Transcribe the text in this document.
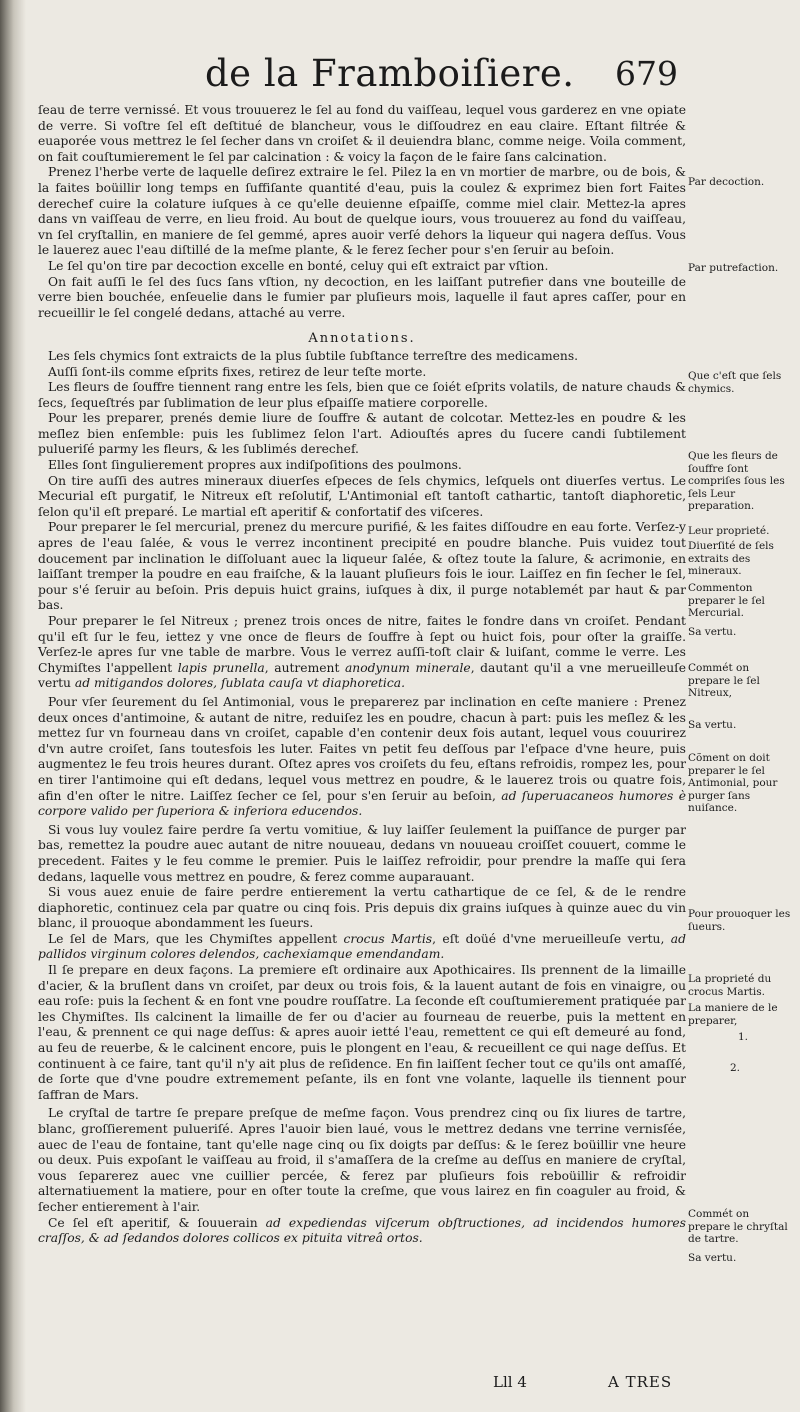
de la Framboiſiere. 679

ſeau de terre vernissé. Et vous trouuerez le ſel au fond du vaiſſeau, lequel vous garderez en vne opiate de verre. Si voſtre ſel eſt deſtitué de blancheur, vous le diſſoudrez en eau claire. Eſtant filtrée & euaporée vous mettrez le ſel ſecher dans vn croiſet & il deuiendra blanc, comme neige. Voila comment, on fait couſtumierement le ſel par calcination : & voicy la façon de le faire ſans calcination.

Prenez l'herbe verte de laquelle deſirez extraire le ſel. Pilez la en vn mortier de marbre, ou de bois, & la faites boüillir long temps en ſuffiſante quantité d'eau, puis la coulez & exprimez bien fort Faites derechef cuire la colature iuſques à ce qu'elle deuienne eſpaiſſe, comme miel clair. Mettez-la apres dans vn vaiſſeau de verre, en lieu froid. Au bout de quelque iours, vous trouuerez au fond du vaiſſeau, vn ſel cryſtallin, en maniere de ſel gemmé, apres auoir verſé dehors la liqueur qui nagera deſſus. Vous le lauerez auec l'eau diſtillé de la meſme plante, & le ferez ſecher pour s'en ſeruir au beſoin.

Le ſel qu'on tire par decoction excelle en bonté, celuy qui eſt extraict par vſtion.

On fait auſſi le ſel des ſucs ſans vſtion, ny decoction, en les laiſſant putrefier dans vne bouteille de verre bien bouchée, enſeuelie dans le fumier par pluſieurs mois, laquelle il faut apres caſſer, pour en recueillir le ſel congelé dedans, attaché au verre.

Annotations.

Les ſels chymics ſont extraicts de la plus ſubtile ſubſtance terreſtre des medicamens.

Auſſi ſont-ils comme eſprits fixes, retirez de leur teſte morte.

Les fleurs de ſouffre tiennent rang entre les ſels, bien que ce ſoiét eſprits volatils, de nature chauds & ſecs, ſequeſtrés par ſublimation de leur plus eſpaiſſe matiere corporelle.

Pour les preparer, prenés demie liure de ſouffre & autant de colcotar. Mettez-les en poudre & les meſlez bien enſemble: puis les ſublimez ſelon l'art. Adiouſtés apres du ſucere candi ſubtilement pulueriſé parmy les fleurs, & les ſublimés derechef.

Elles ſont ſingulierement propres aux indiſpoſitions des poulmons.

On tire auſſi des autres mineraux diuerſes eſpeces de ſels chymics, leſquels ont diuerſes vertus. Le Mecurial eſt purgatif, le Nitreux eſt reſolutif, L'Antimonial eſt tantoſt cathartic, tantoſt diaphoretic, ſelon qu'il eſt preparé. Le martial eſt aperitif & confortatif des viſceres.

Pour preparer le ſel mercurial, prenez du mercure purifié, & les faites diſſoudre en eau forte. Verſez-y apres de l'eau ſalée, & vous le verrez incontinent precipité en poudre blanche. Puis vuidez tout doucement par inclination le diſſoluant auec la liqueur ſalée, & oſtez toute la ſalure, & acrimonie, en laiſſant tremper la poudre en eau fraiſche, & la lauant pluſieurs fois le iour. Laiſſez en fin ſecher le ſel, pour s'é ſeruir au beſoin. Pris depuis huict grains, iuſques à dix, il purge notablemét par haut & par bas.

Pour preparer le ſel Nitreux ; prenez trois onces de nitre, faites le fondre dans vn croiſet. Pendant qu'il eſt ſur le feu, iettez y vne once de fleurs de ſouffre à ſept ou huict fois, pour oſter la graiſſe. Verſez-le apres ſur vne table de marbre. Vous le verrez auſſi-toſt clair & luiſant, comme le verre. Les Chymiſtes l'appellent lapis prunella, autrement anodynum minerale, dautant qu'il a vne merueilleuſe vertu ad mitigandos dolores, ſublata cauſa vt diaphoretica.

Pour vſer ſeurement du ſel Antimonial, vous le preparerez par inclination en ceſte maniere : Prenez deux onces d'antimoine, & autant de nitre, reduiſez les en poudre, chacun à part: puis les meſlez & les mettez ſur vn fourneau dans vn croiſet, capable d'en contenir deux fois autant, lequel vous couurirez d'vn autre croiſet, ſans toutesfois les luter. Faites vn petit feu deſſous par l'eſpace d'vne heure, puis augmentez le feu trois heures durant. Oſtez apres vos croiſets du feu, eſtans refroidis, rompez les, pour en tirer l'antimoine qui eſt dedans, lequel vous mettrez en poudre, & le lauerez trois ou quatre fois, afin d'en oſter le nitre. Laiſſez ſecher ce ſel, pour s'en ſeruir au beſoin, ad ſuperuacaneos humores è corpore valido per ſuperiora & inferiora educendos.

Si vous luy voulez faire perdre ſa vertu vomitiue, & luy laiſſer ſeulement la puiſſance de purger par bas, remettez la poudre auec autant de nitre nouueau, dedans vn nouueau croiſſet couuert, comme le precedent. Faites y le feu comme le premier. Puis le laiſſez refroidir, pour prendre la maſſe qui ſera dedans, laquelle vous mettrez en poudre, & ferez comme auparauant.

Si vous auez enuie de faire perdre entierement la vertu cathartique de ce ſel, & de le rendre diaphoretic, continuez cela par quatre ou cinq fois. Pris depuis dix grains iuſques à quinze auec du vin blanc, il prouoque abondamment les ſueurs.

Le ſel de Mars, que les Chymiſtes appellent crocus Martis, eſt doüé d'vne merueilleuſe vertu, ad pallidos virginum colores delendos, cachexiamque emendandam.

Il ſe prepare en deux façons. La premiere eſt ordinaire aux Apothicaires. Ils prennent de la limaille d'acier, & la bruſlent dans vn croiſet, par deux ou trois fois, & la lauent autant de fois en vinaigre, ou eau roſe: puis la ſechent & en font vne poudre rouſſatre. La ſeconde eſt couſtumierement pratiquée par les Chymiſtes. Ils calcinent la limaille de fer ou d'acier au fourneau de reuerbe, puis la mettent en l'eau, & prennent ce qui nage deſſus: & apres auoir ietté l'eau, remettent ce qui eſt demeuré au fond, au feu de reuerbe, & le calcinent encore, puis le plongent en l'eau, & recueillent ce qui nage deſſus. Et continuent à ce faire, tant qu'il n'y ait plus de reſidence. En fin laiſſent ſecher tout ce qu'ils ont amaſſé, de ſorte que d'vne poudre extremement peſante, ils en font vne volante, laquelle ils tiennent pour ſaffran de Mars.

Le cryſtal de tartre ſe prepare preſque de meſme façon. Vous prendrez cinq ou ſix liures de tartre, blanc, groſſierement pulueriſé. Apres l'auoir bien laué, vous le mettrez dedans vne terrine vernisſée, auec de l'eau de fontaine, tant qu'elle nage cinq ou ſix doigts par deſſus: & le ſerez boüillir vne heure ou deux. Puis expoſant le vaiſſeau au froid, il s'amaſſera de la creſme au deſſus en maniere de cryſtal, vous ſeparerez auec vne cuillier percée, & ferez par pluſieurs fois reboüillir & refroidir alternatiuement la matiere, pour en oſter toute la creſme, que vous lairez en fin coaguler au froid, & ſecher entierement à l'air.

Ce ſel eſt aperitif, & ſouuerain ad expediendas viſcerum obſtructiones, ad incidendos humores craſſos, & ad ſedandos dolores collicos ex pituita vitreâ ortos.

Par decoction.
Par putrefaction.
Que c'eſt que ſels chymics.
Que les fleurs de ſouffre ſont compriſes ſous les ſels Leur preparation.
Leur proprieté.
Diuerſité de ſels extraits des mineraux.
Commenton preparer le ſel Mercurial.
Sa vertu.
Commét on prepare le ſel Nitreux,
Sa vertu.
Cõment on doit preparer le ſel Antimonial, pour purger ſans nuiſance.
Pour prouoquer les ſueurs.
La proprieté du crocus Martis.
La maniere de le preparer,
1.
2.
Commét on prepare le chryſtal de tartre.
Sa vertu.
Lll 4	A TRES
